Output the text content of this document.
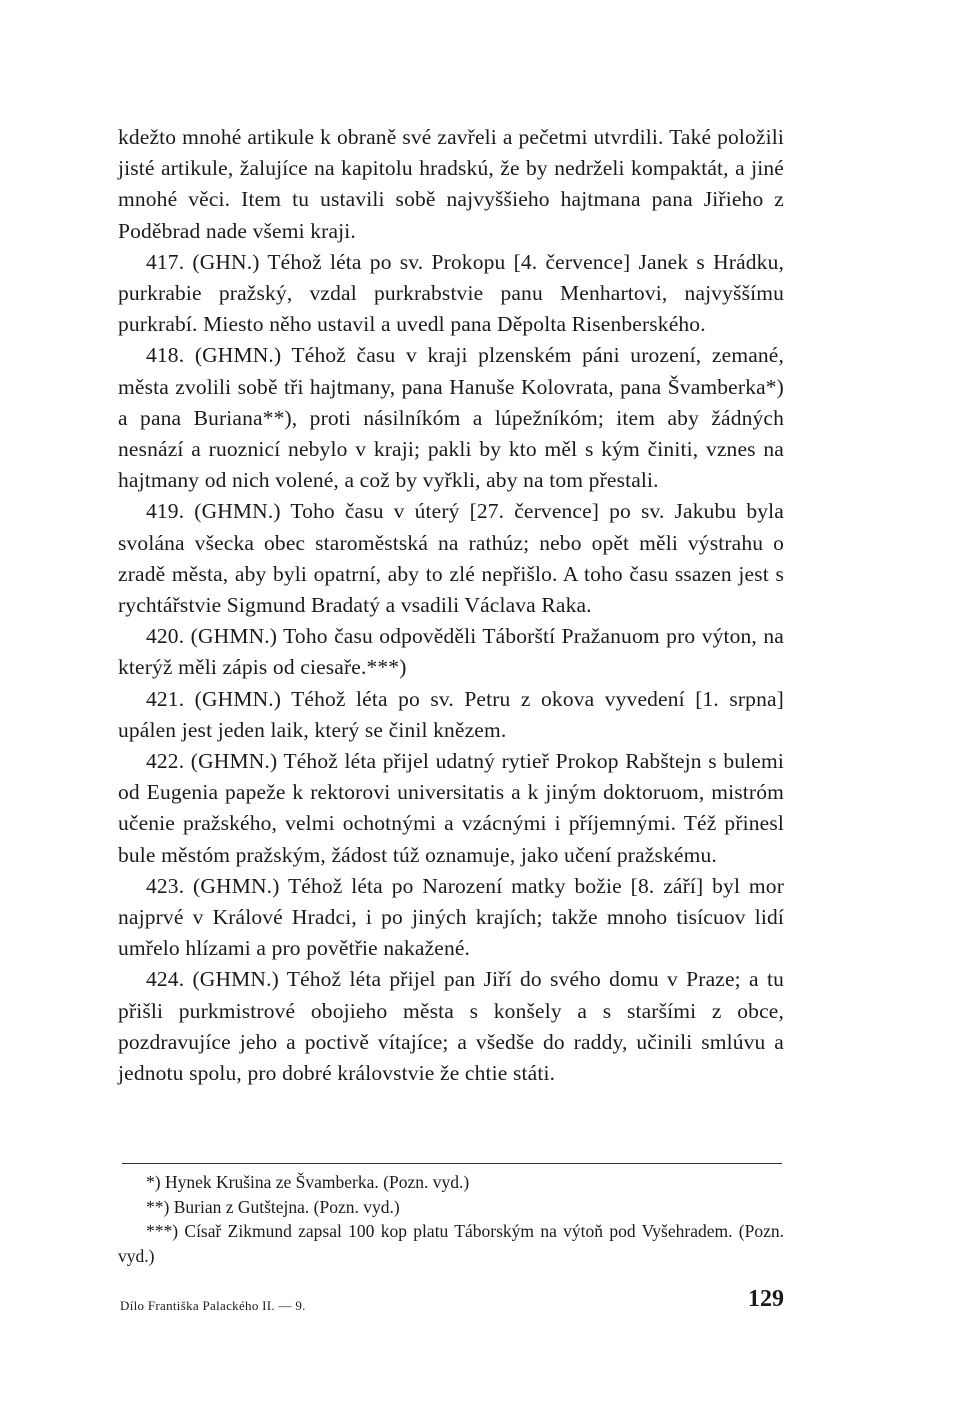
kdežto mnohé artikule k obraně své zavřeli a pečetmi utvrdili. Také položili jisté artikule, žalujíce na kapitolu hradskú, že by nedrželi kompaktát, a jiné mnohé věci. Item tu ustavili sobě najvyššieho hajtmana pana Jiřieho z Poděbrad nade všemi kraji.

417. (GHN.) Téhož léta po sv. Prokopu [4. července] Janek s Hrádku, purkrabie pražský, vzdal purkrabstvie panu Menhartovi, najvyššímu purkrabí. Miesto něho ustavil a uvedl pana Děpolta Risenberského.

418. (GHMN.) Téhož času v kraji plzenském páni urození, zemané, města zvolili sobě tři hajtmany, pana Hanuše Kolovrata, pana Švamberka*) a pana Buriana**), proti násilníkóm a lúpežníkóm; item aby žádných nesnází a ruoznicí nebylo v kraji; pakli by kto měl s kým činiti, vznes na hajtmany od nich volené, a což by vyřkli, aby na tom přestali.

419. (GHMN.) Toho času v úterý [27. července] po sv. Jakubu byla svolána všecka obec staroměstská na rathúz; nebo opět měli výstrahu o zradě města, aby byli opatrní, aby to zlé nepřišlo. A toho času ssazen jest s rychtářstvie Sigmund Bradatý a vsadili Václava Raka.

420. (GHMN.) Toho času odpověděli Táborští Pražanuom pro výton, na kterýž měli zápis od ciesaře.***)

421. (GHMN.) Téhož léta po sv. Petru z okova vyvedení [1. srpna] upálen jest jeden laik, který se činil knězem.

422. (GHMN.) Téhož léta přijel udatný rytieř Prokop Rabštejn s bulemi od Eugenia papeže k rektorovi universitatis a k jiným doktoruom, mistróm učenie pražského, velmi ochotnými a vzácnými i příjemnými. Též přinesl bule městóm pražským, žádost túž oznamuje, jako učení pražskému.

423. (GHMN.) Téhož léta po Narození matky božie [8. září] byl mor najprvé v Králové Hradci, i po jiných krajích; takže mnoho tisícuov lidí umřelo hlízami a pro povětřie nakažené.

424. (GHMN.) Téhož léta přijel pan Jiří do svého domu v Praze; a tu přišli purkmistrové obojieho města s konšely a s staršími z obce, pozdravujíce jeho a poctivě vítajíce; a všedše do raddy, učinili smlúvu a jednotu spolu, pro dobré královstvie že chtie státi.

*) Hynek Krušina ze Švamberka. (Pozn. vyd.)

**) Burian z Gutštejna. (Pozn. vyd.)

***) Císař Zikmund zapsal 100 kop platu Táborským na výtoň pod Vyšehradem. (Pozn. vyd.)

Dílo Františka Palackého II. — 9.	129
